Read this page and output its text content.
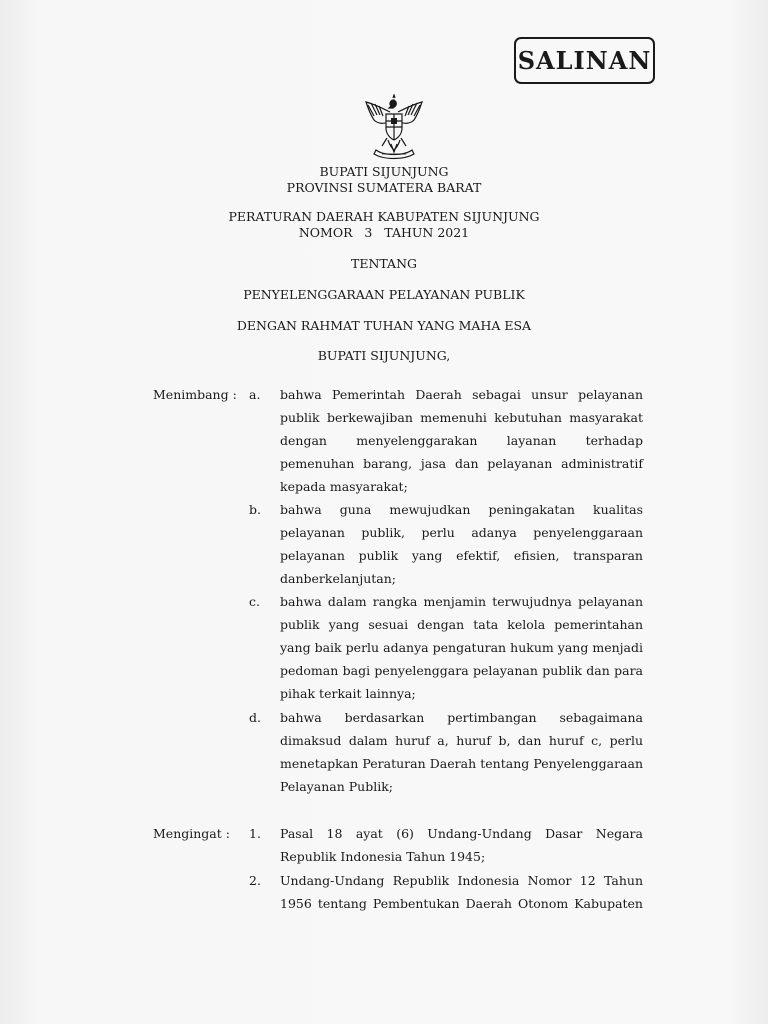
SALINAN
BUPATI SIJUNJUNG
PROVINSI SUMATERA BARAT
PERATURAN DAERAH KABUPATEN SIJUNJUNG
NOMOR   3   TAHUN 2021
TENTANG
PENYELENGGARAAN PELAYANAN PUBLIK
DENGAN RAHMAT TUHAN YANG MAHA ESA
BUPATI SIJUNJUNG,
Menimbang : a. bahwa Pemerintah Daerah sebagai unsur pelayanan publik berkewajiban memenuhi kebutuhan masyarakat dengan menyelenggarakan layanan terhadap pemenuhan barang, jasa dan pelayanan administratif kepada masyarakat;
b. bahwa guna mewujudkan peningakatan kualitas pelayanan publik, perlu adanya penyelenggaraan pelayanan publik yang efektif, efisien, transparan danberkelanjutan;
c. bahwa dalam rangka menjamin terwujudnya pelayanan publik yang sesuai dengan tata kelola pemerintahan yang baik perlu adanya pengaturan hukum yang menjadi pedoman bagi penyelenggara pelayanan publik dan para pihak terkait lainnya;
d. bahwa berdasarkan pertimbangan sebagaimana dimaksud dalam huruf a, huruf b, dan huruf c, perlu menetapkan Peraturan Daerah tentang Penyelenggaraan Pelayanan Publik;
Mengingat : 1. Pasal 18 ayat (6) Undang-Undang Dasar Negara Republik Indonesia Tahun 1945;
2. Undang-Undang Republik Indonesia Nomor 12 Tahun 1956 tentang Pembentukan Daerah Otonom Kabupaten
